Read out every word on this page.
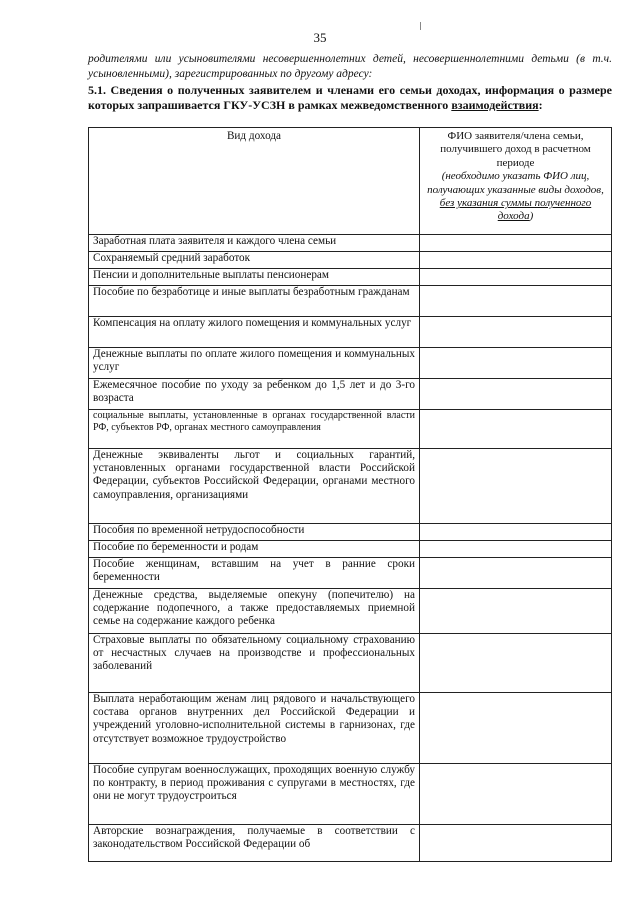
35
родителями или усыновителями несовершеннолетних детей, несовершеннолетними детьми (в т.ч. усыновленными), зарегистрированных по другому адресу:
5.1. Сведения о полученных заявителем и членами его семьи доходах, информация о размере которых запрашивается ГКУ-УСЗН в рамках межведомственного взаимодействия:
Вид дохода	ФИО заявителя/члена семьи, получившего доход в расчетном периоде
(необходимо указать ФИО лиц, получающих указанные виды доходов, без указания суммы полученного дохода)

Заработная плата заявителя и каждого члена семьи	
Сохраняемый средний заработок	
Пенсии и дополнительные выплаты пенсионерам	
Пособие по безработице и иные выплаты безработным гражданам	
Компенсация на оплату жилого помещения и коммунальных услуг	
Денежные выплаты по оплате жилого помещения и коммунальных услуг	
Ежемесячное пособие по уходу за ребенком до 1,5 лет и до 3-го возраста	
социальные выплаты, установленные в органах государственной власти РФ, субъектов РФ, органах местного самоуправления	
Денежные эквиваленты льгот и социальных гарантий, установленных органами государственной власти Российской Федерации, субъектов Российской Федерации, органами местного самоуправления, организациями	
Пособия по временной нетрудоспособности	
Пособие по беременности и родам	
Пособие женщинам, вставшим на учет в ранние сроки беременности	
Денежные средства, выделяемые опекуну (попечителю) на содержание подопечного, а также предоставляемых приемной семье на содержание каждого ребенка	
Страховые выплаты по обязательному социальному страхованию от несчастных случаев на производстве и профессиональных заболеваний	
Выплата неработающим женам лиц рядового и начальствующего состава органов внутренних дел Российской Федерации и учреждений уголовно-исполнительной системы в гарнизонах, где отсутствует возможное трудоустройство	
Пособие супругам военнослужащих, проходящих военную службу по контракту, в период проживания с супругами в местностях, где они не могут трудоустроиться	
Авторские вознаграждения, получаемые в соответствии с законодательством Российской Федерации об	
